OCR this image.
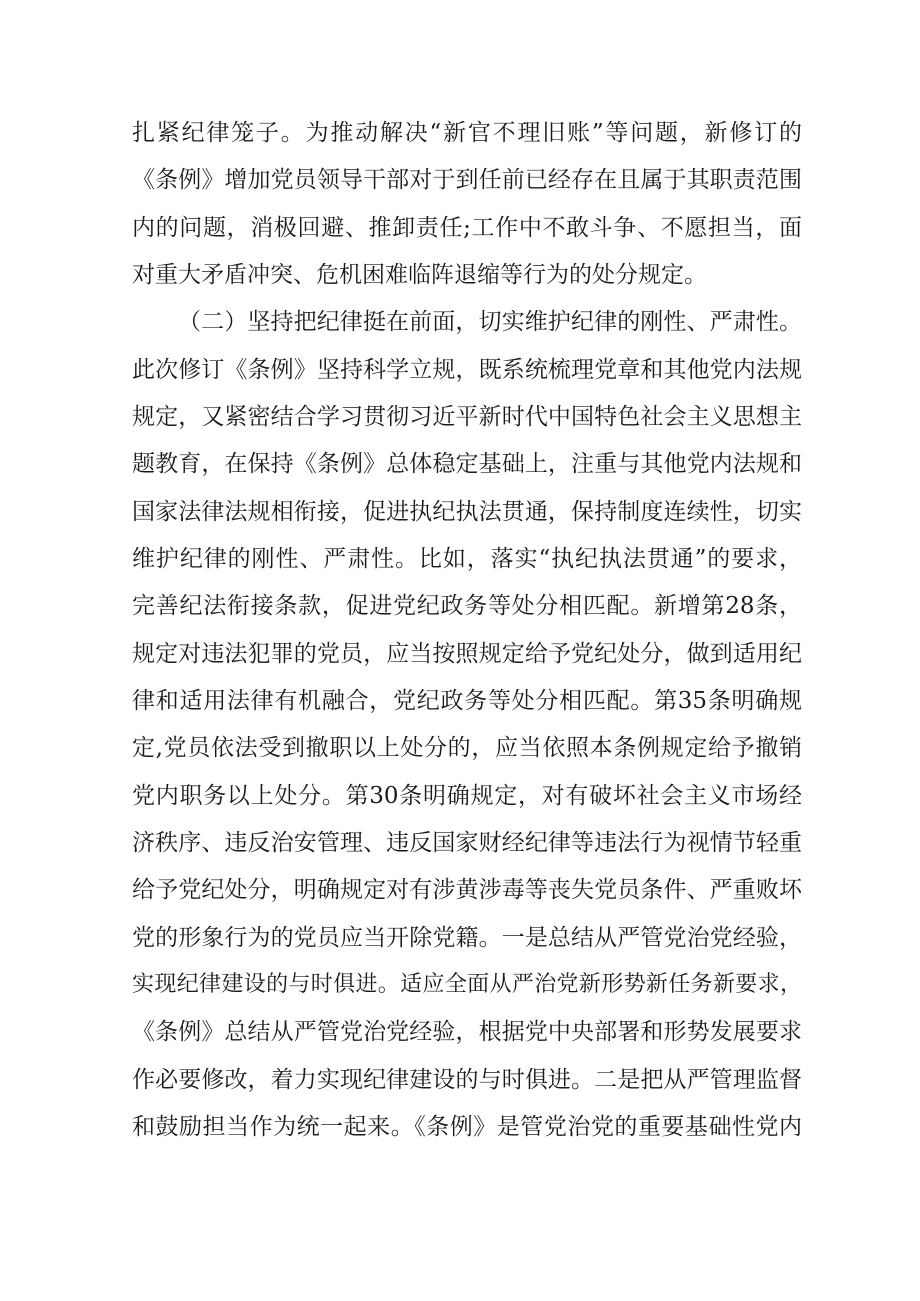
扎紧纪律笼子。为推动解决“新官不理旧账”等问题，新修订的
《条例》增加党员领导干部对于到任前已经存在且属于其职责范围
内的问题，消极回避、推卸责任;工作中不敢斗争、不愿担当，面
对重大矛盾冲突、危机困难临阵退缩等行为的处分规定。
（二）坚持把纪律挺在前面，切实维护纪律的刚性、严肃性。
此次修订《条例》坚持科学立规，既系统梳理党章和其他党内法规
规定，又紧密结合学习贯彻习近平新时代中国特色社会主义思想主
题教育，在保持《条例》总体稳定基础上，注重与其他党内法规和
国家法律法规相衔接，促进执纪执法贯通，保持制度连续性，切实
维护纪律的刚性、严肃性。比如，落实“执纪执法贯通”的要求，
完善纪法衔接条款，促进党纪政务等处分相匹配。新增第28条，
规定对违法犯罪的党员，应当按照规定给予党纪处分，做到适用纪
律和适用法律有机融合，党纪政务等处分相匹配。第35条明确规
定,党员依法受到撤职以上处分的，应当依照本条例规定给予撤销
党内职务以上处分。第30条明确规定，对有破坏社会主义市场经
济秩序、违反治安管理、违反国家财经纪律等违法行为视情节轻重
给予党纪处分，明确规定对有涉黄涉毒等丧失党员条件、严重败坏
党的形象行为的党员应当开除党籍。一是总结从严管党治党经验，
实现纪律建设的与时俱进。适应全面从严治党新形势新任务新要求，
《条例》总结从严管党治党经验，根据党中央部署和形势发展要求
作必要修改，着力实现纪律建设的与时俱进。二是把从严管理监督
和鼓励担当作为统一起来。《条例》是管党治党的重要基础性党内
